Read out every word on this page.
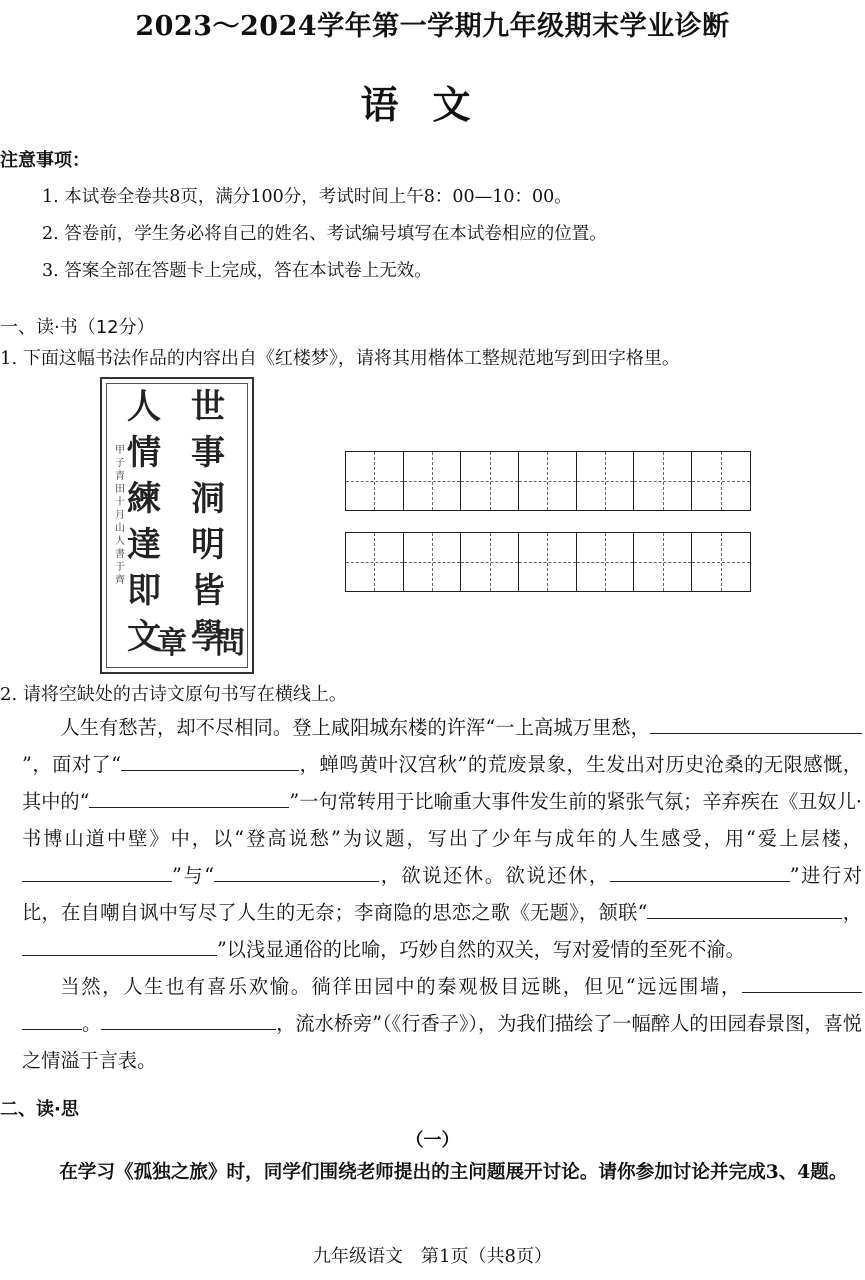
2023～2024学年第一学期九年级期末学业诊断
语文
注意事项：
1. 本试卷全卷共8页，满分100分，考试时间上午8：00—10：00。
2. 答卷前，学生务必将自己的姓名、考试编号填写在本试卷相应的位置。
3. 答案全部在答题卡上完成，答在本试卷上无效。
一、读·书（12分）
1. 下面这幅书法作品的内容出自《红楼梦》，请将其用楷体工整规范地写到田字格里。
甲子青田十月山人書于齊
人
情
練
達
即
文
世
事
洞
明
皆
學
章 問
2. 请将空缺处的古诗文原句书写在横线上。

人生有愁苦，却不尽相同。登上咸阳城东楼的许浑“一上高城万里愁，”，面对了“	，蝉鸣黄叶汉宫秋”的荒废景象，生发出对历史沧桑的无限感慨，其中的“	”一句常转用于比喻重大事件发生前的紧张气氛；辛弃疾在《丑奴儿·书博山道中壁》中，以“登高说愁”为议题，写出了少年与成年的人生感受，用“爱上层楼，”与“	，欲说还休。欲说还休，	”进行对比，在自嘲自讽中写尽了人生的无奈；李商隐的思恋之歌《无题》，颔联“	，”以浅显通俗的比喻，巧妙自然的双关，写对爱情的至死不渝。

当然，人生也有喜乐欢愉。徜徉田园中的秦观极目远眺，但见“远远围墙，。	，流水桥旁”（《行香子》），为我们描绘了一幅醉人的田园春景图，喜悦之情溢于言表。

二、读·思
（一）

在学习《孤独之旅》时，同学们围绕老师提出的主问题展开讨论。请你参加讨论并完成3、4题。

九年级语文　第1页（共8页）
